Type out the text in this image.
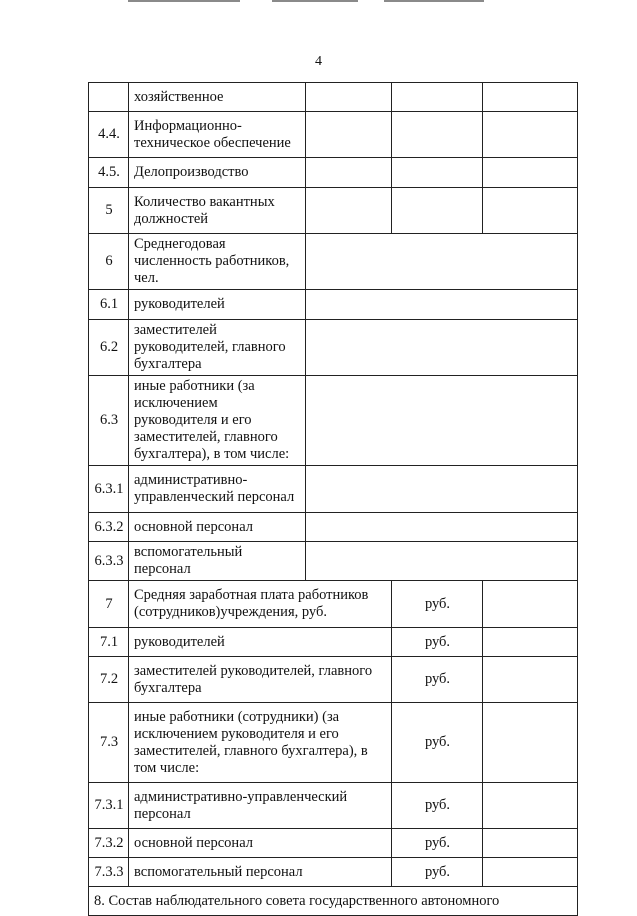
4
	хозяйственное			
4.4.	Информационно-техническое обеспечение			
4.5.	Делопроизводство			
5	Количество вакантных должностей			
6	Среднегодовая численность работников, чел.			
6.1	руководителей			
6.2	заместителей руководителей, главного бухгалтера			
6.3	иные работники (за исключением руководителя и его заместителей, главного бухгалтера), в том числе:			
6.3.1	административно-управленческий персонал			
6.3.2	основной персонал			
6.3.3	вспомогательный персонал			
7	Средняя заработная плата работников (сотрудников)учреждения, руб.		руб.	
7.1	руководителей		руб.	
7.2	заместителей руководителей, главного бухгалтера		руб.	
7.3	иные работники (сотрудники) (за исключением руководителя и его заместителей, главного бухгалтера), в том числе:		руб.	
7.3.1	административно-управленческий персонал		руб.	
7.3.2	основной персонал		руб.	
7.3.3	вспомогательный персонал		руб.	
8. Состав наблюдательного совета государственного автономного				
